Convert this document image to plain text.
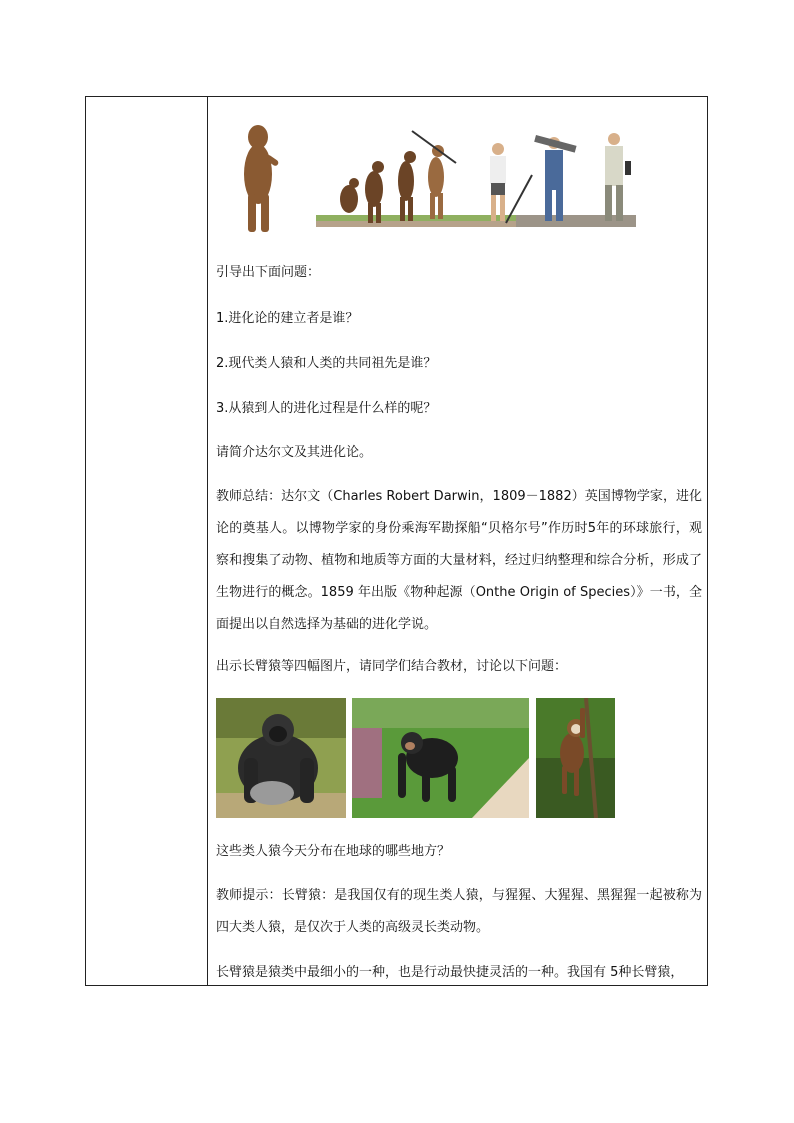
引导出下面问题：
1.进化论的建立者是谁？
2.现代类人猿和人类的共同祖先是谁？
3.从猿到人的进化过程是什么样的呢？
请简介达尔文及其进化论。
教师总结：达尔文（Charles Robert Darwin，1809－1882）英国博物学家，进化论的奠基人。以博物学家的身份乘海军勘探船“贝格尔号”作历时5年的环球旅行，观察和搜集了动物、植物和地质等方面的大量材料，经过归纳整理和综合分析，形成了生物进行的概念。1859 年出版《物种起源（Onthe Origin of Species）》一书，全面提出以自然选择为基础的进化学说。
出示长臂猿等四幅图片，请同学们结合教材，讨论以下问题：
这些类人猿今天分布在地球的哪些地方？
教师提示：长臂猿：是我国仅有的现生类人猿，与猩猩、大猩猩、黑猩猩一起被称为四大类人猿，是仅次于人类的高级灵长类动物。
长臂猿是猿类中最细小的一种，也是行动最快捷灵活的一种。我国有 5种长臂猿，
